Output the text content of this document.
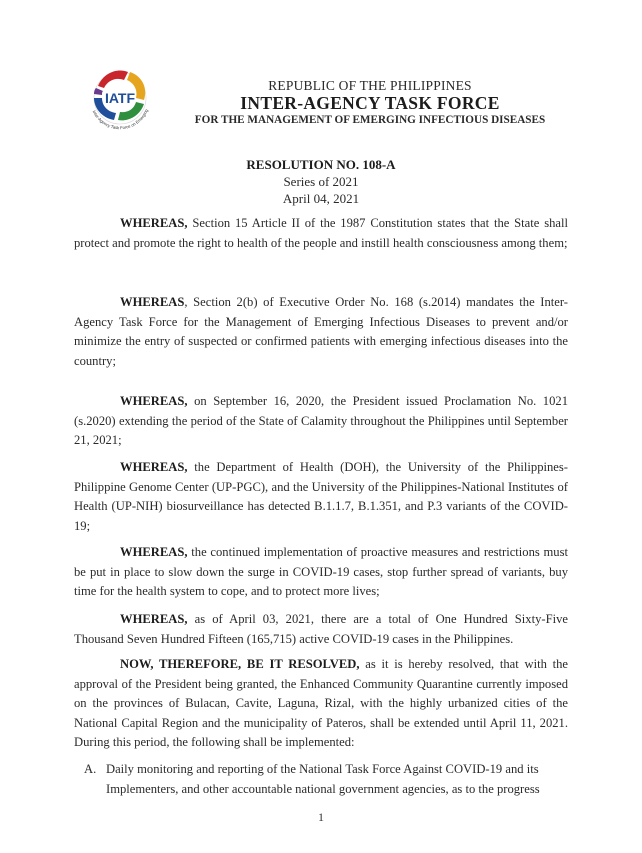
IATF
Inter-Agency Task Force on Emerging
REPUBLIC OF THE PHILIPPINES
INTER-AGENCY TASK FORCE
FOR THE MANAGEMENT OF EMERGING INFECTIOUS DISEASES
RESOLUTION NO. 108-A
Series of 2021
April 04, 2021

WHEREAS, Section 15 Article II of the 1987 Constitution states that the State shall protect and promote the right to health of the people and instill health consciousness among them;

WHEREAS, Section 2(b) of Executive Order No. 168 (s.2014) mandates the Inter-Agency Task Force for the Management of Emerging Infectious Diseases to prevent and/or minimize the entry of suspected or confirmed patients with emerging infectious diseases into the country;

WHEREAS, on September 16, 2020, the President issued Proclamation No. 1021 (s.2020) extending the period of the State of Calamity throughout the Philippines until September 21, 2021;

WHEREAS, the Department of Health (DOH), the University of the Philippines-Philippine Genome Center (UP-PGC), and the University of the Philippines-National Institutes of Health (UP-NIH) biosurveillance has detected B.1.1.7, B.1.351, and P.3 variants of the COVID-19;

WHEREAS, the continued implementation of proactive measures and restrictions must be put in place to slow down the surge in COVID-19 cases, stop further spread of variants, buy time for the health system to cope, and to protect more lives;

WHEREAS, as of April 03, 2021, there are a total of One Hundred Sixty-Five Thousand Seven Hundred Fifteen (165,715) active COVID-19 cases in the Philippines.

NOW, THEREFORE, BE IT RESOLVED, as it is hereby resolved, that with the approval of the President being granted, the Enhanced Community Quarantine currently imposed on the provinces of Bulacan, Cavite, Laguna, Rizal, with the highly urbanized cities of the National Capital Region and the municipality of Pateros, shall be extended until April 11, 2021. During this period, the following shall be implemented:

A. Daily monitoring and reporting of the National Task Force Against COVID-19 and its Implementers, and other accountable national government agencies, as to the progress
1
